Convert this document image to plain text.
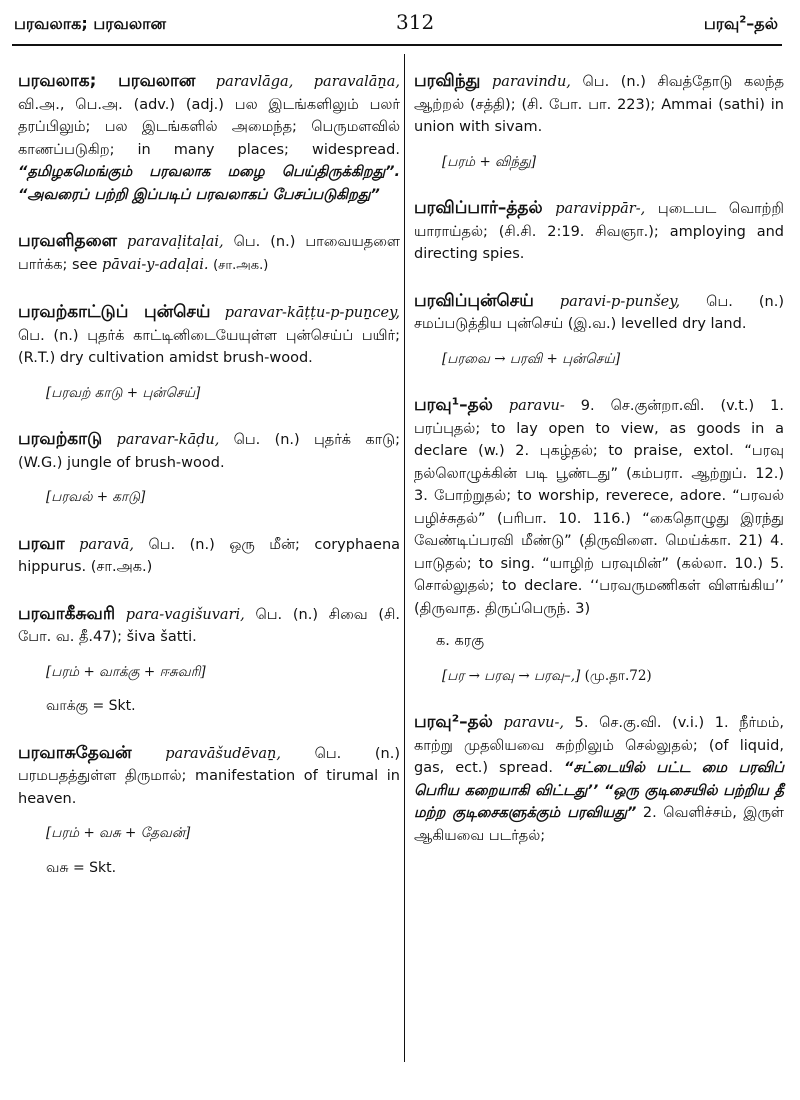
பரவலாக; பரவலான	312	பரவு$^2$–தல்
பரவலாக; பரவலான paravlāga, paravalāṉa, வி.அ., பெ.அ. (adv.) (adj.) பல இடங்களிலும் பலர் தரப்பிலும்; பல இடங்களில் அமைந்த; பெருமளவில் காணப்படுகிற; in many places; widespread. “தமிழகமெங்கும் பரவலாக மழை பெய்திருக்கிறது”. “அவரைப் பற்றி இப்படிப் பரவலாகப் பேசப்படுகிறது”
பரவளிதளை paravaḷitaḷai, பெ. (n.) பாவையதளை பார்க்க; see pāvai-y-adaḷai. (சா.அக.)
பரவற்காட்டுப் புன்செய் paravar-kāṭṭu-p-puṉcey, பெ. (n.) புதர்க் காட்டினிடையேயுள்ள புன்செய்ப் பயிர்; (R.T.) dry cultivation amidst brush-wood.
[பரவற் காடு + புன்செய்]
பரவற்காடு paravar-kāḍu, பெ. (n.) புதர்க் காடு; (W.G.) jungle of brush-wood.
[பரவல் + காடு]
பரவா paravā, பெ. (n.) ஒரு மீன்; coryphaena hippurus. (சா.அக.)
பரவாகீசுவரி para-vagišuvari, பெ. (n.) சிவை (சி. போ. வ. தீ.47); šiva šatti.
[பரம் + வாக்கு + ஈசுவரி]
வாக்கு = Skt.
பரவாசுதேவன் paravāšudēvaṉ, பெ. (n.) பரமபதத்துள்ள திருமால்; manifestation of tirumal in heaven.
[பரம் + வசு + தேவன்]
வசு = Skt.
பரவிந்து paravindu, பெ. (n.) சிவத்தோடு கலந்த ஆற்றல் (சத்தி); (சி. போ. பா. 223); Ammai (sathi) in union with sivam.
[பரம் + விந்து]
பரவிப்பார்–த்தல் paravippār-, புடைபட வொற்றி யாராய்தல்; (சி.சி. 2:19. சிவஞா.); amploying and directing spies.
பரவிப்புன்செய் paravi-p-punšey, பெ. (n.) சமப்படுத்திய புன்செய் (இ.வ.) levelled dry land.
[பரவை → பரவி + புன்செய்]
பரவு¹–தல் paravu- 9. செ.குன்றா.வி. (v.t.) 1. பரப்புதல்; to lay open to view, as goods in a declare (w.) 2. புகழ்தல்; to praise, extol. “பரவு நல்லொழுக்கின் படி பூண்டது” (கம்பரா. ஆற்றுப். 12.) 3. போற்றுதல்; to worship, reverece, adore. “பரவல் பழிச்சுதல்” (பரிபா. 10. 116.) “கைதொழுது இரந்து வேண்டிப்பரவி மீண்டு” (திருவிளை. மெய்க்கா. 21) 4. பாடுதல்; to sing. “யாழிற் பரவுமின்” (கல்லா. 10.) 5. சொல்லுதல்; to declare. ‘‘பரவருமணிகள் விளங்கிய’’ (திருவாத. திருப்பெருந். 3)
க. கரகு
[பர → பரவு → பரவு–,] (மு.தா.72)
பரவு²–தல் paravu-, 5. செ.கு.வி. (v.i.) 1. நீர்மம், காற்று முதலியவை சுற்றிலும் செல்லுதல்; (of liquid, gas, ect.) spread. “சட்டையில் பட்ட மை பரவிப் பெரிய கறையாகி விட்டது’’ “ஒரு குடிசையில் பற்றிய தீ மற்ற குடிசைகளுக்கும் பரவியது” 2. வெளிச்சம், இருள் ஆகியவை படர்தல்;
